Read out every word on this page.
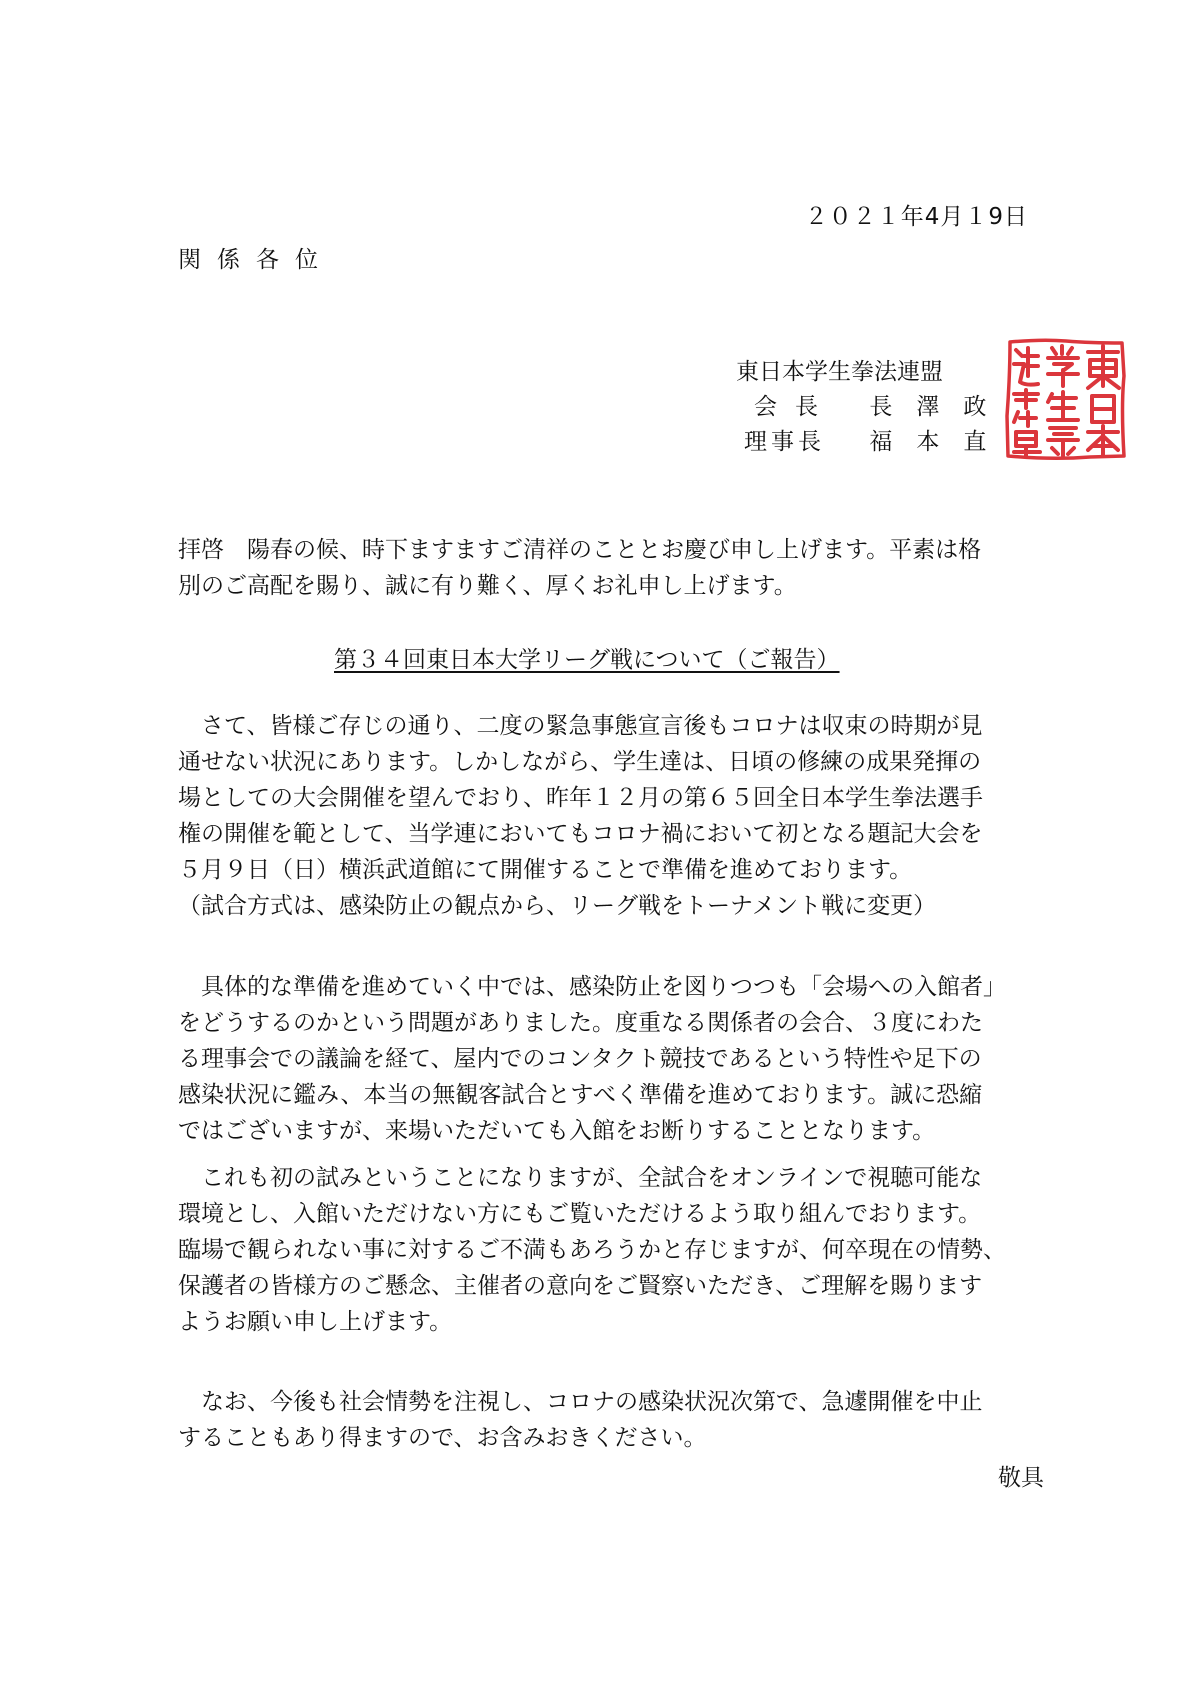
２０２１年4月１9日
関係各位
東日本学生拳法連盟
会長 長澤政
理事長 福本直
拝啓　陽春の候、時下ますますご清祥のこととお慶び申し上げます。平素は格
別のご高配を賜り、誠に有り難く、厚くお礼申し上げます。
第３４回東日本大学リーグ戦について（ご報告）
　さて、皆様ご存じの通り、二度の緊急事態宣言後もコロナは収束の時期が見
通せない状況にあります。しかしながら、学生達は、日頃の修練の成果発揮の
場としての大会開催を望んでおり、昨年１２月の第６５回全日本学生拳法選手
権の開催を範として、当学連においてもコロナ禍において初となる題記大会を
５月９日（日）横浜武道館にて開催することで準備を進めております。
（試合方式は、感染防止の観点から、リーグ戦をトーナメント戦に変更）
　具体的な準備を進めていく中では、感染防止を図りつつも「会場への入館者」
をどうするのかという問題がありました。度重なる関係者の会合、３度にわた
る理事会での議論を経て、屋内でのコンタクト競技であるという特性や足下の
感染状況に鑑み、本当の無観客試合とすべく準備を進めております。誠に恐縮
ではございますが、来場いただいても入館をお断りすることとなります。
　これも初の試みということになりますが、全試合をオンラインで視聴可能な
環境とし、入館いただけない方にもご覧いただけるよう取り組んでおります。
臨場で観られない事に対するご不満もあろうかと存じますが、何卒現在の情勢、
保護者の皆様方のご懸念、主催者の意向をご賢察いただき、ご理解を賜ります
ようお願い申し上げます。
　なお、今後も社会情勢を注視し、コロナの感染状況次第で、急遽開催を中止
することもあり得ますので、お含みおきください。
敬具
